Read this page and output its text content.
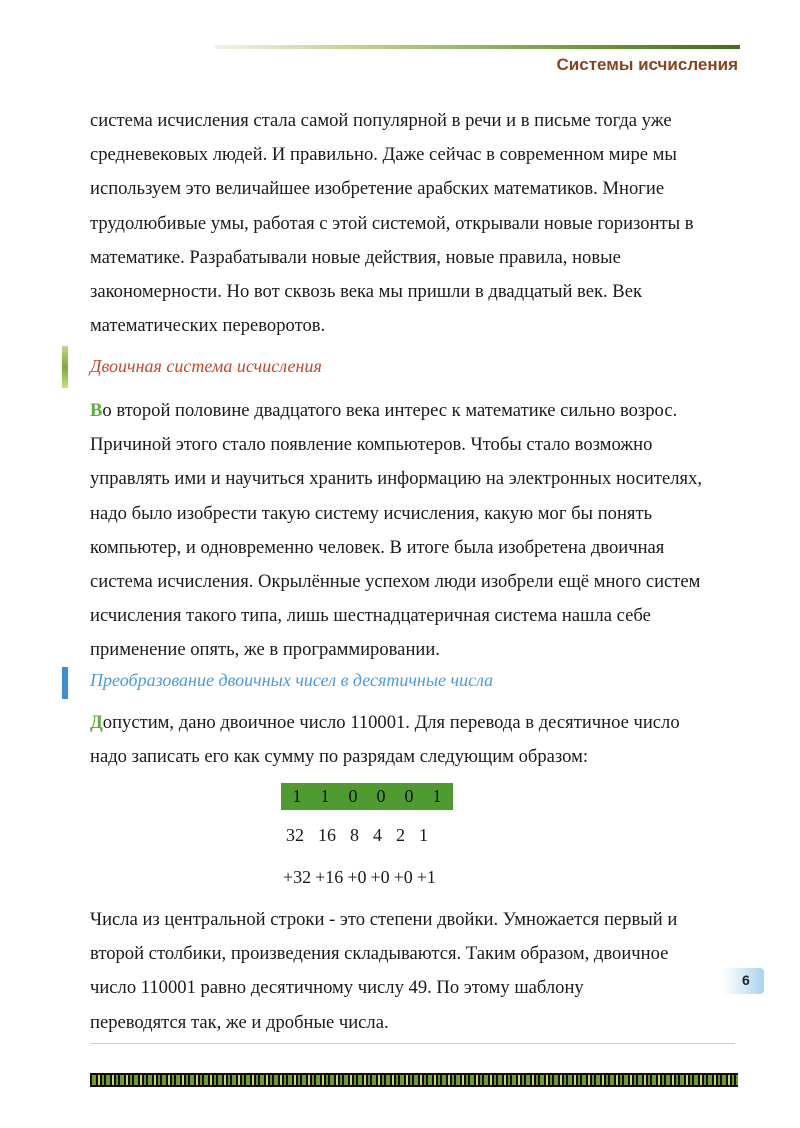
Системы исчисления
система исчисления стала самой популярной в речи и в письме тогда уже
средневековых людей. И правильно. Даже сейчас в современном мире мы
используем это величайшее изобретение арабских математиков. Многие
трудолюбивые умы, работая с этой системой, открывали новые горизонты в
математике. Разрабатывали новые действия, новые правила, новые
закономерности. Но вот сквозь века мы пришли в двадцатый век. Век
математических переворотов.
Двоичная система исчисления
Во второй половине двадцатого века интерес к математике сильно возрос.
Причиной этого стало появление компьютеров. Чтобы стало возможно
управлять ими и научиться хранить информацию на электронных носителях,
надо было изобрести такую систему исчисления, какую мог бы понять
компьютер, и одновременно человек. В итоге была изобретена двоичная
система исчисления. Окрылённые успехом люди изобрели ещё много систем
исчисления такого типа, лишь шестнадцатеричная система нашла себе
применение опять, же в программировании.
Преобразование двоичных чисел в десятичные числа
Допустим, дано двоичное число 110001. Для перевода в десятичное число
надо записать его как сумму по разрядам следующим образом:
1	1	0	0	0	1
32 16 8 4 2 1
+32 +16 +0 +0 +0 +1
Числа из центральной строки - это степени двойки. Умножается первый и
второй столбики, произведения складываются. Таким образом, двоичное
число 110001 равно десятичному числу 49. По этому шаблону
переводятся так, же и дробные числа.
6
